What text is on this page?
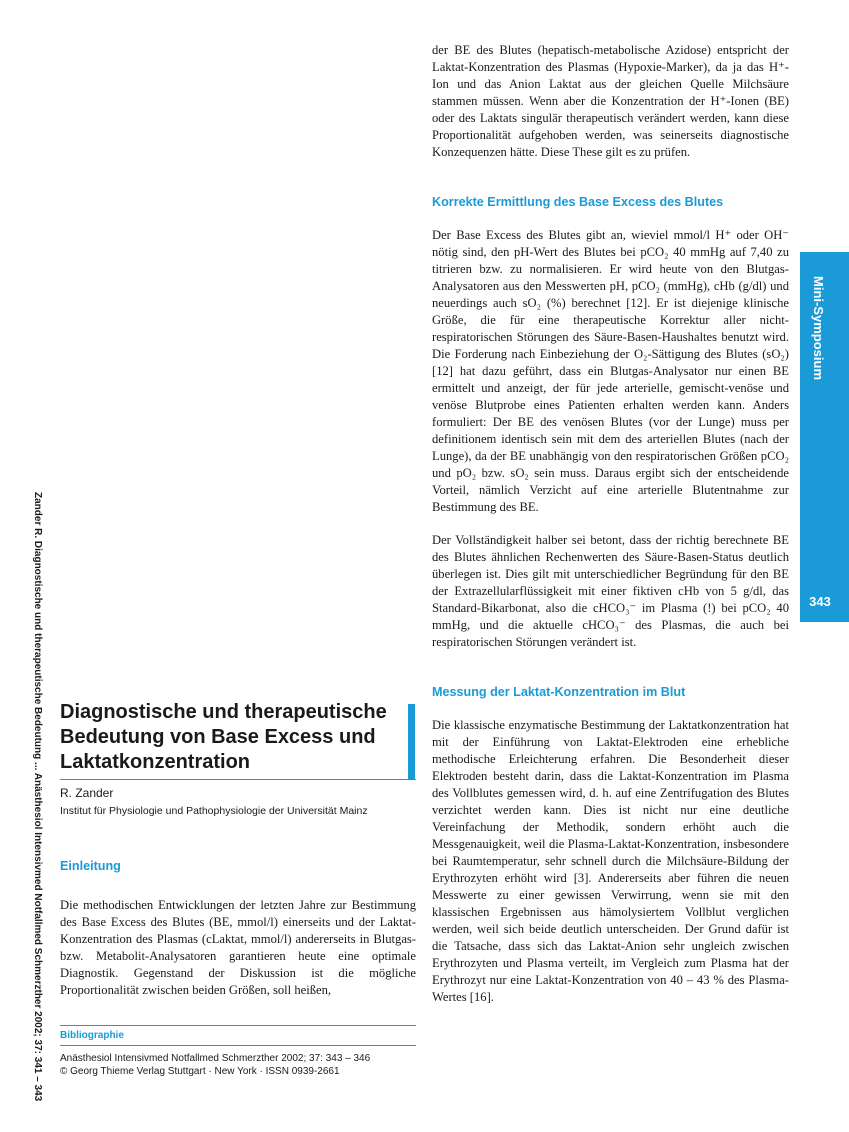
Mini-Symposium
343
Zander R. Diagnostische und therapeutische Bedeutung ... Anästhesiol Intensivmed Notfallmed Schmerzther 2002; 37: 341 – 343

der BE des Blutes (hepatisch-metabolische Azidose) entspricht der Laktat-Konzentration des Plasmas (Hypoxie-Marker), da ja das H⁺-Ion und das Anion Laktat aus der gleichen Quelle Milchsäure stammen müssen. Wenn aber die Konzentration der H⁺-Ionen (BE) oder des Laktats singulär therapeutisch verändert werden, kann diese Proportionalität aufgehoben werden, was seinerseits diagnostische Konzequenzen hätte. Diese These gilt es zu prüfen.

Korrekte Ermittlung des Base Excess des Blutes

Der Base Excess des Blutes gibt an, wieviel mmol/l H⁺ oder OH⁻ nötig sind, den pH-Wert des Blutes bei pCO₂ 40 mmHg auf 7,40 zu titrieren bzw. zu normalisieren. Er wird heute von den Blutgas-Analysatoren aus den Messwerten pH, pCO₂ (mmHg), cHb (g/dl) und neuerdings auch sO₂ (%) berechnet [12]. Er ist diejenige klinische Größe, die für eine therapeutische Korrektur aller nicht-respiratorischen Störungen des Säure-Basen-Haushaltes benutzt wird. Die Forderung nach Einbeziehung der O₂-Sättigung des Blutes (sO₂) [12] hat dazu geführt, dass ein Blutgas-Analysator nur einen BE ermittelt und anzeigt, der für jede arterielle, gemischt-venöse und venöse Blutprobe eines Patienten erhalten werden kann. Anders formuliert: Der BE des venösen Blutes (vor der Lunge) muss per definitionem identisch sein mit dem des arteriellen Blutes (nach der Lunge), da der BE unabhängig von den respiratorischen Größen pCO₂ und pO₂ bzw. sO₂ sein muss. Daraus ergibt sich der entscheidende Vorteil, nämlich Verzicht auf eine arterielle Blutentnahme zur Bestimmung des BE.

Der Vollständigkeit halber sei betont, dass der richtig berechnete BE des Blutes ähnlichen Rechenwerten des Säure-Basen-Status deutlich überlegen ist. Dies gilt mit unterschiedlicher Begründung für den BE der Extrazellularflüssigkeit mit einer fiktiven cHb von 5 g/dl, das Standard-Bikarbonat, also die cHCO₃⁻ im Plasma (!) bei pCO₂ 40 mmHg, und die aktuelle cHCO₃⁻ des Plasmas, die auch bei respiratorischen Störungen verändert ist.

Messung der Laktat-Konzentration im Blut

Die klassische enzymatische Bestimmung der Laktatkonzentration hat mit der Einführung von Laktat-Elektroden eine erhebliche methodische Erleichterung erfahren. Die Besonderheit dieser Elektroden besteht darin, dass die Laktat-Konzentration im Plasma des Vollblutes gemessen wird, d. h. auf eine Zentrifugation des Blutes verzichtet werden kann. Dies ist nicht nur eine deutliche Vereinfachung der Methodik, sondern erhöht auch die Messgenauigkeit, weil die Plasma-Laktat-Konzentration, insbesondere bei Raumtemperatur, sehr schnell durch die Milchsäure-Bildung der Erythrozyten erhöht wird [3]. Andererseits aber führen die neuen Messwerte zu einer gewissen Verwirrung, wenn sie mit den klassischen Ergebnissen aus hämolysiertem Vollblut verglichen werden, weil sich beide deutlich unterscheiden. Der Grund dafür ist die Tatsache, dass sich das Laktat-Anion sehr ungleich zwischen Erythrozyten und Plasma verteilt, im Vergleich zum Plasma hat der Erythrozyt nur eine Laktat-Konzentration von 40 – 43 % des Plasma-Wertes [16].

Diagnostische und therapeutische Bedeutung von Base Excess und Laktatkonzentration

R. Zander

Institut für Physiologie und Pathophysiologie der Universität Mainz

Einleitung

Die methodischen Entwicklungen der letzten Jahre zur Bestimmung des Base Excess des Blutes (BE, mmol/l) einerseits und der Laktat-Konzentration des Plasmas (cLaktat, mmol/l) andererseits in Blutgas- bzw. Metabolit-Analysatoren garantieren heute eine optimale Diagnostik. Gegenstand der Diskussion ist die mögliche Proportionalität zwischen beiden Größen, soll heißen,

Bibliographie

Anästhesiol Intensivmed Notfallmed Schmerzther 2002; 37: 343 – 346

© Georg Thieme Verlag Stuttgart · New York · ISSN 0939-2661
